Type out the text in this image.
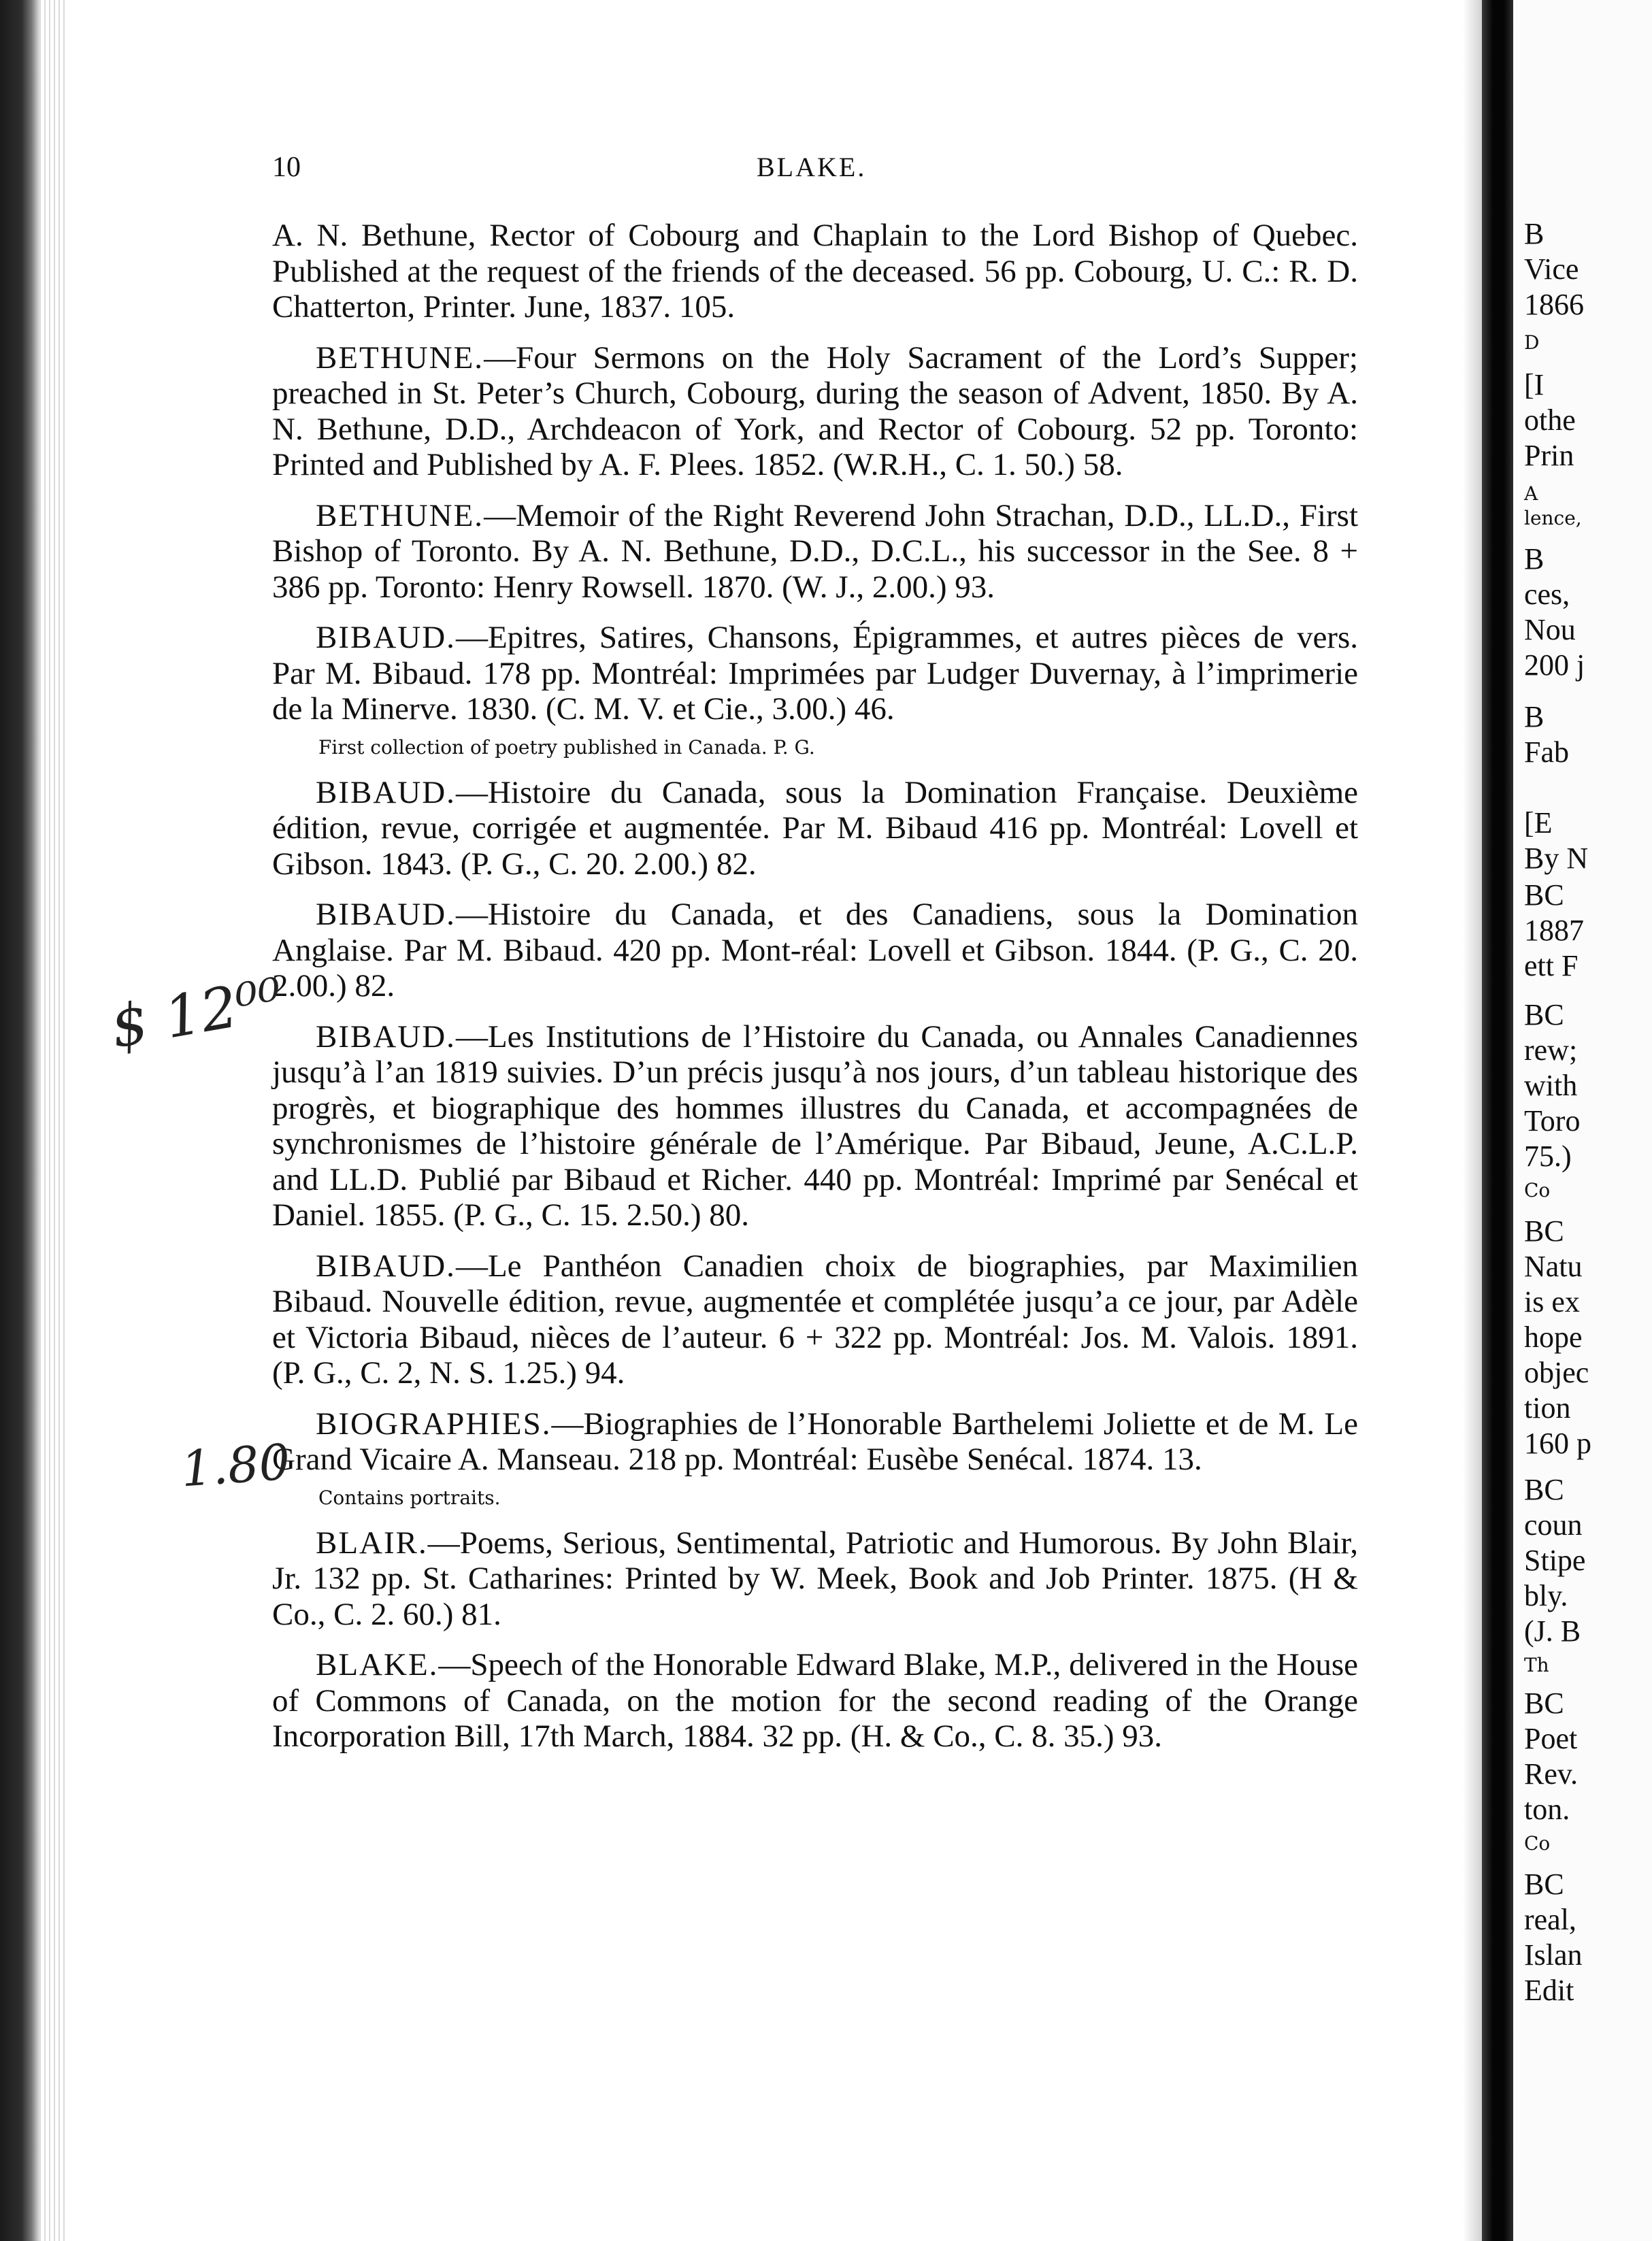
10	BLAKE.

A. N. Bethune, Rector of Cobourg and Chaplain to the Lord Bishop of Quebec. Published at the request of the friends of the deceased. 56 pp. Cobourg, U. C.: R. D. Chatterton, Printer. June, 1837. 105.

BETHUNE.—Four Sermons on the Holy Sacrament of the Lord’s Supper; preached in St. Peter’s Church, Cobourg, during the season of Advent, 1850. By A. N. Bethune, D.D., Archdeacon of York, and Rector of Cobourg. 52 pp. Toronto: Printed and Published by A. F. Plees. 1852. (W.R.H., C. 1. 50.) 58.

BETHUNE.—Memoir of the Right Reverend John Strachan, D.D., LL.D., First Bishop of Toronto. By A. N. Bethune, D.D., D.C.L., his successor in the See. 8 + 386 pp. Toronto: Henry Rowsell. 1870. (W. J., 2.00.) 93.

BIBAUD.—Epitres, Satires, Chansons, Épigrammes, et autres pièces de vers. Par M. Bibaud. 178 pp. Montréal: Imprimées par Ludger Duvernay, à l’imprimerie de la Minerve. 1830. (C. M. V. et Cie., 3.00.) 46.

First collection of poetry published in Canada. P. G.

BIBAUD.—Histoire du Canada, sous la Domination Française. Deuxième édition, revue, corrigée et augmentée. Par M. Bibaud 416 pp. Montréal: Lovell et Gibson. 1843. (P. G., C. 20. 2.00.) 82.

BIBAUD.—Histoire du Canada, et des Canadiens, sous la Domination Anglaise. Par M. Bibaud. 420 pp. Mont-réal: Lovell et Gibson. 1844. (P. G., C. 20. 2.00.) 82.

BIBAUD.—Les Institutions de l’Histoire du Canada, ou Annales Canadiennes jusqu’à l’an 1819 suivies. D’un précis jusqu’à nos jours, d’un tableau historique des progrès, et biographique des hommes illustres du Canada, et accompagnées de synchronismes de l’histoire générale de l’Amérique. Par Bibaud, Jeune, A.C.L.P. and LL.D. Publié par Bibaud et Richer. 440 pp. Montréal: Imprimé par Senécal et Daniel. 1855. (P. G., C. 15. 2.50.) 80.

BIBAUD.—Le Panthéon Canadien choix de biographies, par Maximilien Bibaud. Nouvelle édition, revue, augmentée et complétée jusqu’a ce jour, par Adèle et Victoria Bibaud, nièces de l’auteur. 6 + 322 pp. Montréal: Jos. M. Valois. 1891. (P. G., C. 2, N. S. 1.25.) 94.

BIOGRAPHIES.—Biographies de l’Honorable Barthelemi Joliette et de M. Le Grand Vicaire A. Manseau. 218 pp. Montréal: Eusèbe Senécal. 1874. 13.

Contains portraits.

BLAIR.—Poems, Serious, Sentimental, Patriotic and Humorous. By John Blair, Jr. 132 pp. St. Catharines: Printed by W. Meek, Book and Job Printer. 1875. (H & Co., C. 2. 60.) 81.

BLAKE.—Speech of the Honorable Edward Blake, M.P., delivered in the House of Commons of Canada, on the motion for the second reading of the Orange Incorporation Bill, 17th March, 1884. 32 pp. (H. & Co., C. 8. 35.) 93.

$ 12⁰⁰
1.80
B
Vice
1866
D
[I
othe
Prin
A
lence,
B
ces,
Nou
200 j
B
Fab
[E
By N
BC
1887
ett F
BC
rew;
with
Toro
75.)
Co
BC
Natu
is ex
hope
objec
tion
160 p
BC
coun
Stipe
bly.
(J. B
Th
BC
Poet
Rev.
ton.
Co
BC
real,
Islan
Edit
